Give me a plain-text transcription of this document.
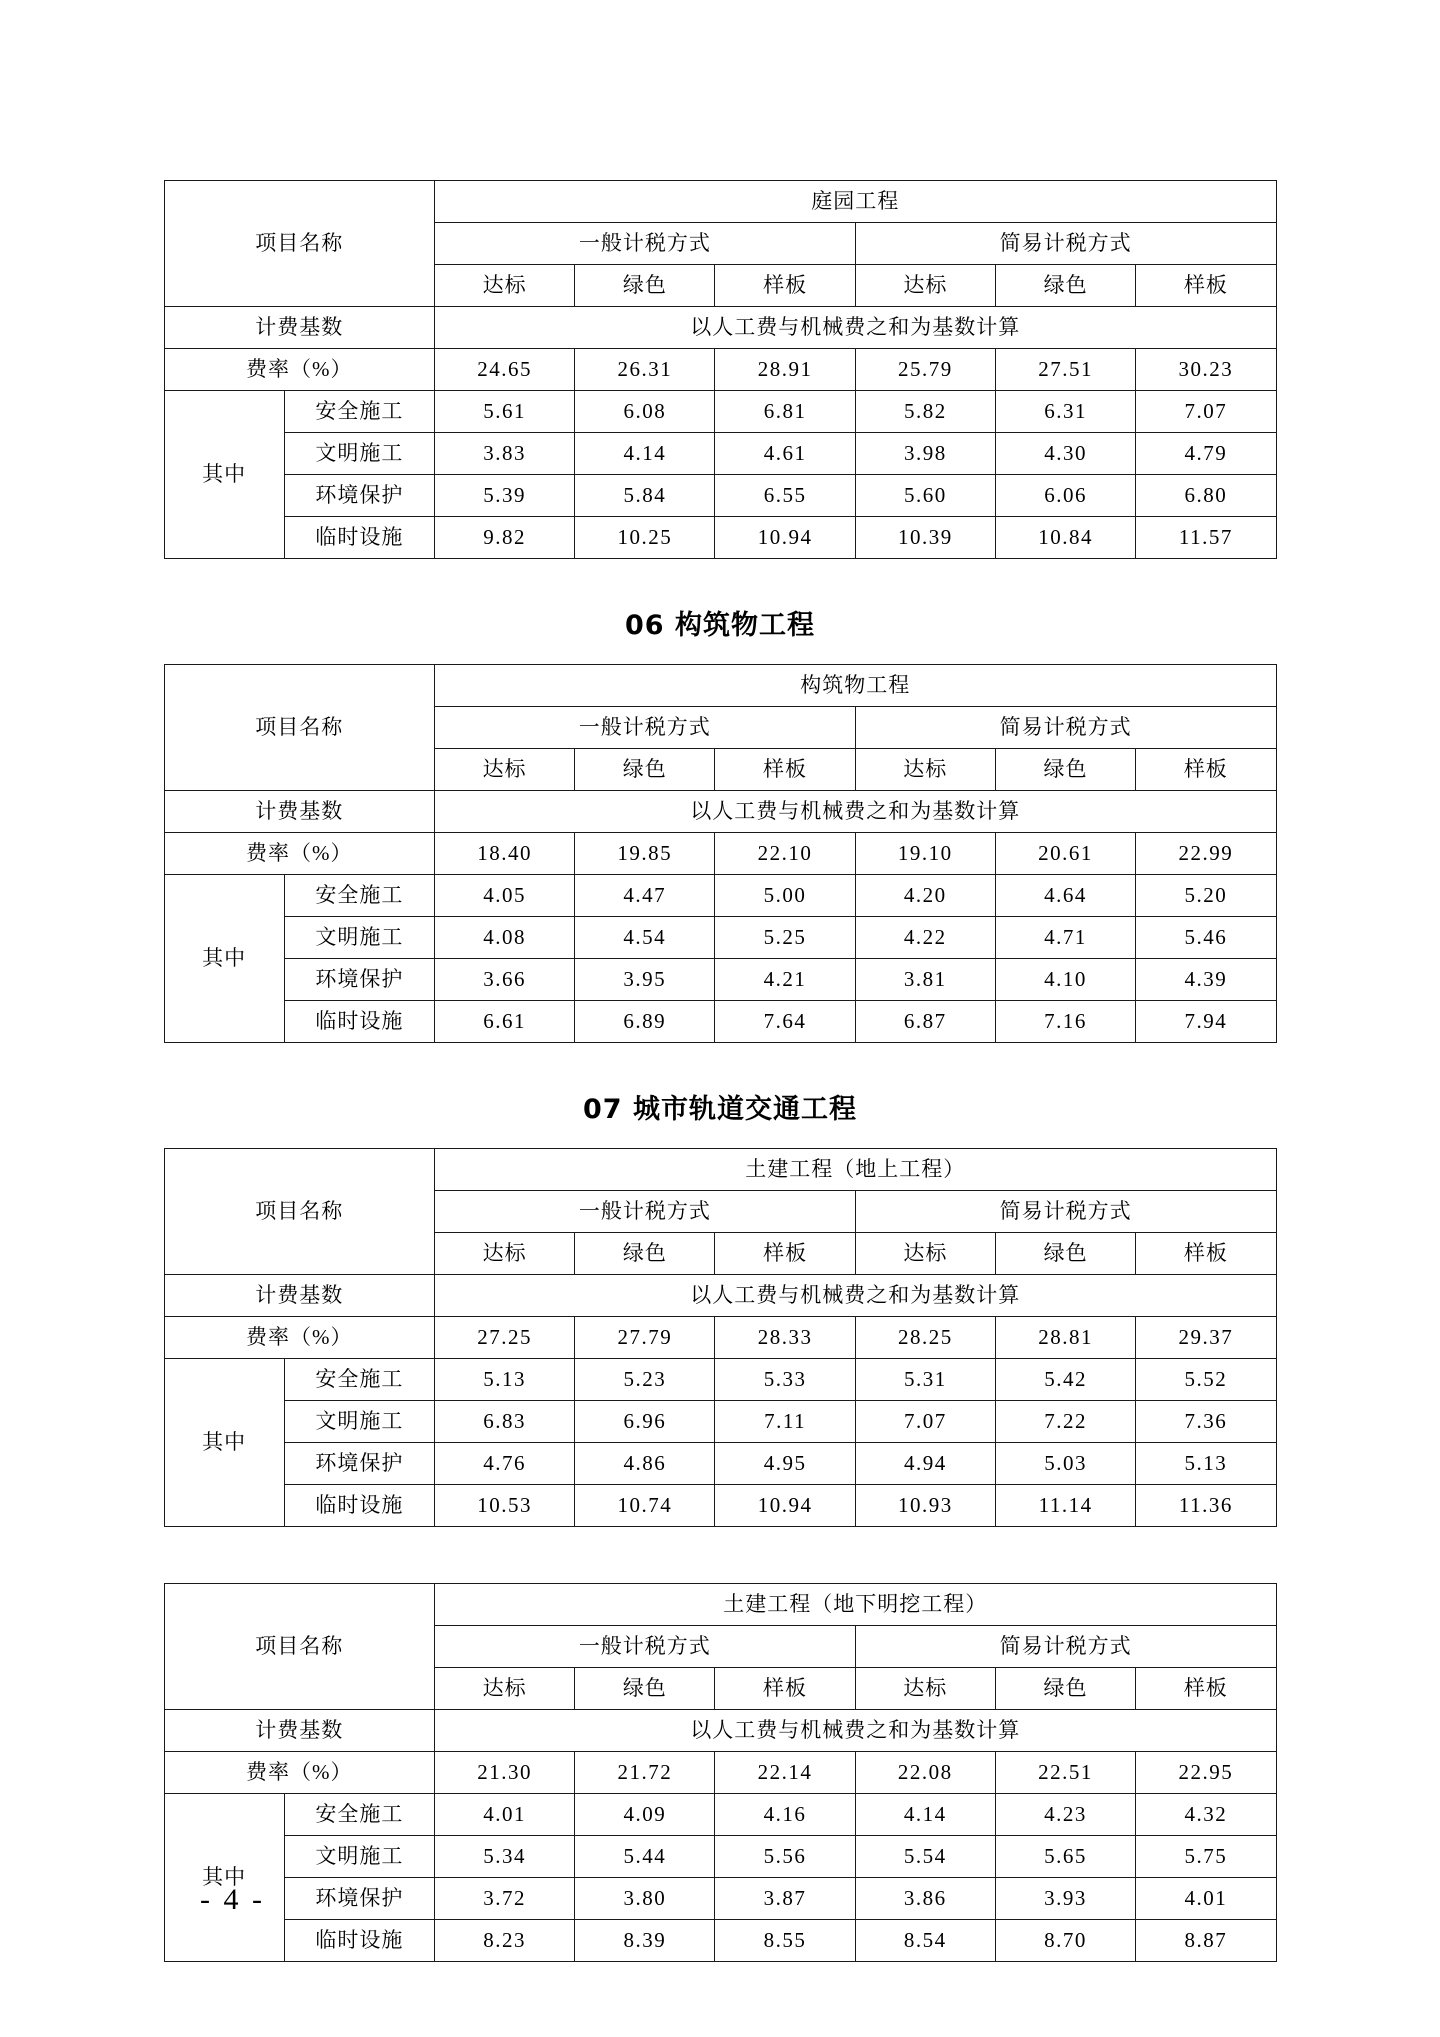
项目名称		庭园工程					
		一般计税方式			简易计税方式		
		达标	绿色	样板	达标	绿色	样板
计费基数		以人工费与机械费之和为基数计算					
费率（%）		24.65	26.31	28.91	25.79	27.51	30.23
其中	安全施工	5.61	6.08	6.81	5.82	6.31	7.07
	文明施工	3.83	4.14	4.61	3.98	4.30	4.79
	环境保护	5.39	5.84	6.55	5.60	6.06	6.80
	临时设施	9.82	10.25	10.94	10.39	10.84	11.57
06 构筑物工程
项目名称		构筑物工程					
		一般计税方式			简易计税方式		
		达标	绿色	样板	达标	绿色	样板
计费基数		以人工费与机械费之和为基数计算					
费率（%）		18.40	19.85	22.10	19.10	20.61	22.99
其中	安全施工	4.05	4.47	5.00	4.20	4.64	5.20
	文明施工	4.08	4.54	5.25	4.22	4.71	5.46
	环境保护	3.66	3.95	4.21	3.81	4.10	4.39
	临时设施	6.61	6.89	7.64	6.87	7.16	7.94
07 城市轨道交通工程
项目名称		土建工程（地上工程）					
		一般计税方式			简易计税方式		
		达标	绿色	样板	达标	绿色	样板
计费基数		以人工费与机械费之和为基数计算					
费率（%）		27.25	27.79	28.33	28.25	28.81	29.37
其中	安全施工	5.13	5.23	5.33	5.31	5.42	5.52
	文明施工	6.83	6.96	7.11	7.07	7.22	7.36
	环境保护	4.76	4.86	4.95	4.94	5.03	5.13
	临时设施	10.53	10.74	10.94	10.93	11.14	11.36
项目名称		土建工程（地下明挖工程）					
		一般计税方式			简易计税方式		
		达标	绿色	样板	达标	绿色	样板
计费基数		以人工费与机械费之和为基数计算					
费率（%）		21.30	21.72	22.14	22.08	22.51	22.95
其中	安全施工	4.01	4.09	4.16	4.14	4.23	4.32
	文明施工	5.34	5.44	5.56	5.54	5.65	5.75
	环境保护	3.72	3.80	3.87	3.86	3.93	4.01
	临时设施	8.23	8.39	8.55	8.54	8.70	8.87
- 4 -
